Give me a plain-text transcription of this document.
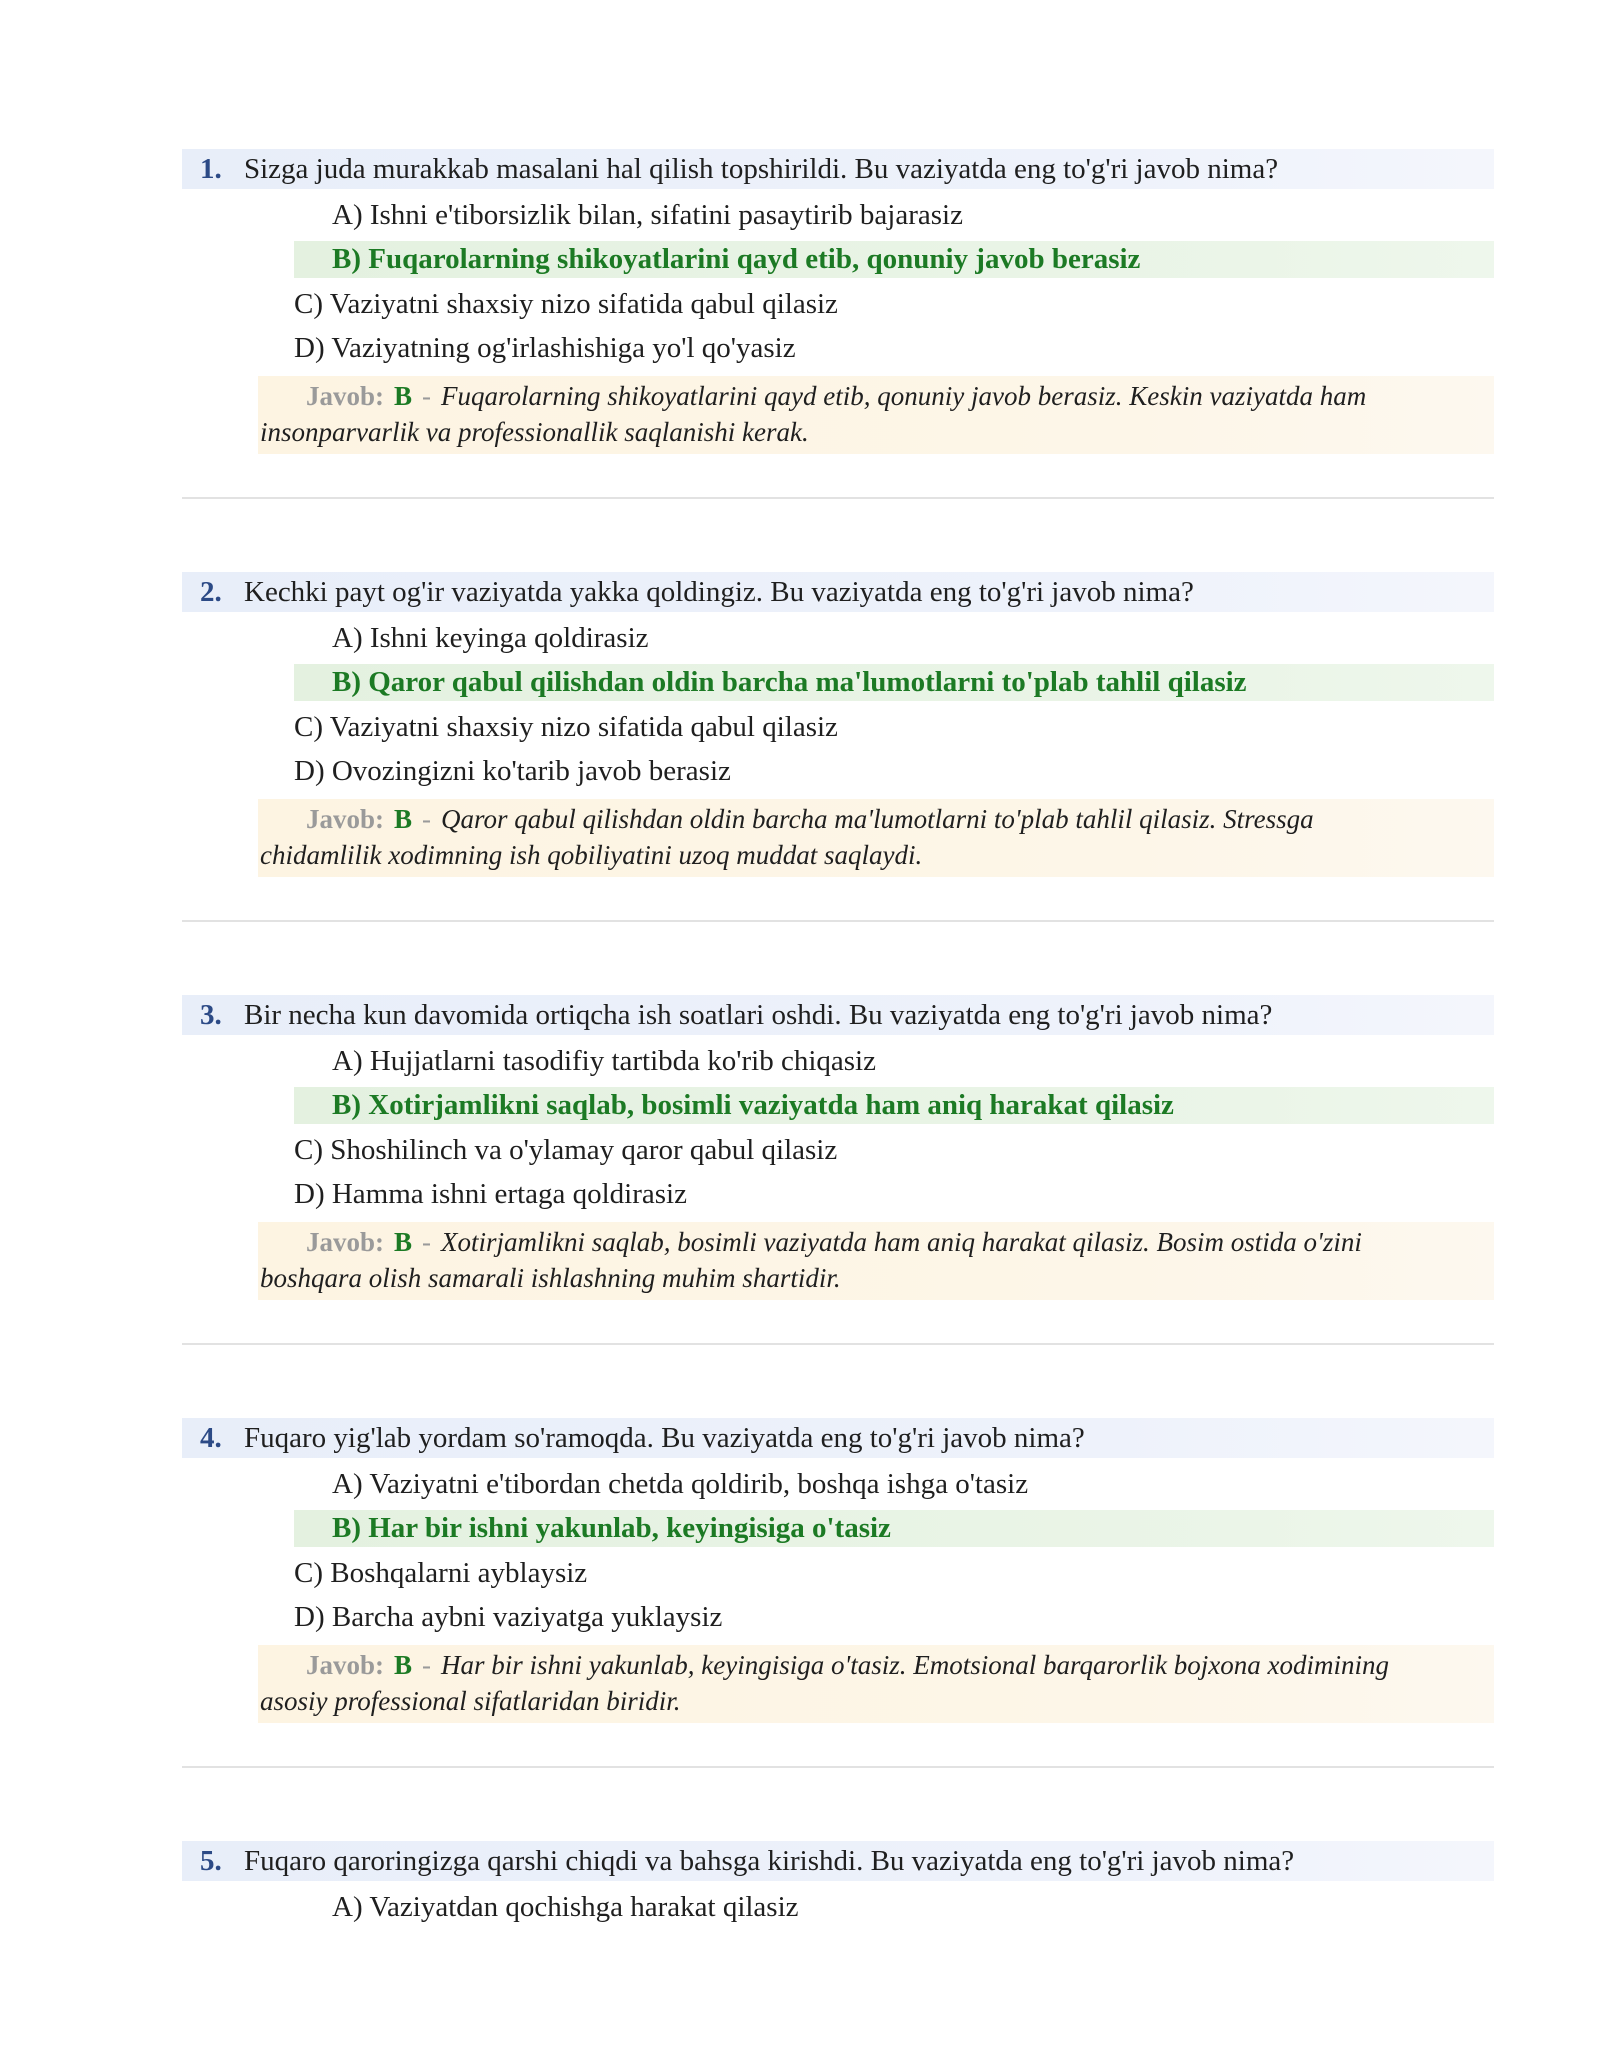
1. Sizga juda murakkab masalani hal qilish topshirildi. Bu vaziyatda eng to'g'ri javob nima?
A) Ishni e'tiborsizlik bilan, sifatini pasaytirib bajarasiz
B) Fuqarolarning shikoyatlarini qayd etib, qonuniy javob berasiz
C) Vaziyatni shaxsiy nizo sifatida qabul qilasiz
D) Vaziyatning og'irlashishiga yo'l qo'yasiz
Javob: B - Fuqarolarning shikoyatlarini qayd etib, qonuniy javob berasiz. Keskin vaziyatda ham
insonparvarlik va professionallik saqlanishi kerak.
2. Kechki payt og'ir vaziyatda yakka qoldingiz. Bu vaziyatda eng to'g'ri javob nima?
A) Ishni keyinga qoldirasiz
B) Qaror qabul qilishdan oldin barcha ma'lumotlarni to'plab tahlil qilasiz
C) Vaziyatni shaxsiy nizo sifatida qabul qilasiz
D) Ovozingizni ko'tarib javob berasiz
Javob: B - Qaror qabul qilishdan oldin barcha ma'lumotlarni to'plab tahlil qilasiz. Stressga
chidamlilik xodimning ish qobiliyatini uzoq muddat saqlaydi.
3. Bir necha kun davomida ortiqcha ish soatlari oshdi. Bu vaziyatda eng to'g'ri javob nima?
A) Hujjatlarni tasodifiy tartibda ko'rib chiqasiz
B) Xotirjamlikni saqlab, bosimli vaziyatda ham aniq harakat qilasiz
C) Shoshilinch va o'ylamay qaror qabul qilasiz
D) Hamma ishni ertaga qoldirasiz
Javob: B - Xotirjamlikni saqlab, bosimli vaziyatda ham aniq harakat qilasiz. Bosim ostida o'zini
boshqara olish samarali ishlashning muhim shartidir.
4. Fuqaro yig'lab yordam so'ramoqda. Bu vaziyatda eng to'g'ri javob nima?
A) Vaziyatni e'tibordan chetda qoldirib, boshqa ishga o'tasiz
B) Har bir ishni yakunlab, keyingisiga o'tasiz
C) Boshqalarni ayblaysiz
D) Barcha aybni vaziyatga yuklaysiz
Javob: B - Har bir ishni yakunlab, keyingisiga o'tasiz. Emotsional barqarorlik bojxona xodimining
asosiy professional sifatlaridan biridir.
5. Fuqaro qaroringizga qarshi chiqdi va bahsga kirishdi. Bu vaziyatda eng to'g'ri javob nima?
A) Vaziyatdan qochishga harakat qilasiz
